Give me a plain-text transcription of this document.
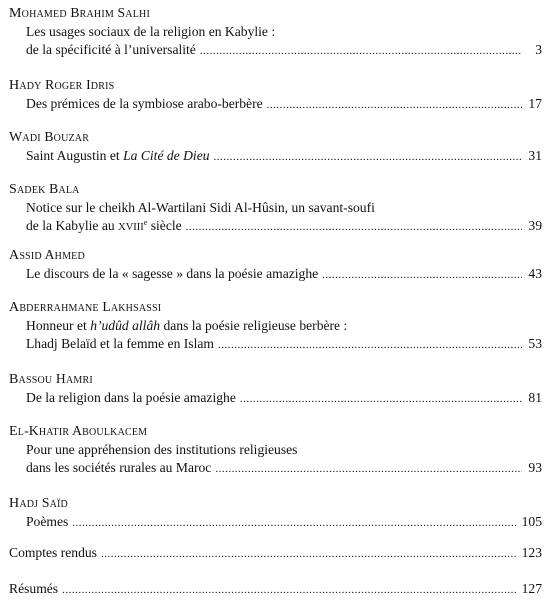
Mohamed Brahim Salhi
Les usages sociaux de la religion en Kabylie :
de la spécificité à l’universalité .....	3
Hady Roger Idris
Des prémices de la symbiose arabo-berbère .....	17
Wadi Bouzar
Saint Augustin et La Cité de Dieu .....	31
Sadek Bala
Notice sur le cheikh Al-Wartilani Sidi Al-Hûsin, un savant-soufi
de la Kabylie au XVIIIe siècle .....	39
Assid Ahmed
Le discours de la « sagesse » dans la poésie amazighe .....	43
Abderrahmane Lakhsassi
Honneur et h’udûd allâh dans la poésie religieuse berbère :
Lhadj Belaïd et la femme en Islam .....	53
Bassou Hamri
De la religion dans la poésie amazighe .....	81
El-Khatir Aboulkacem
Pour une appréhension des institutions religieuses
dans les sociétés rurales au Maroc .....	93
Hadj Saïd
Poèmes .....	105
Comptes rendus .....	123
Résumés .....	127
